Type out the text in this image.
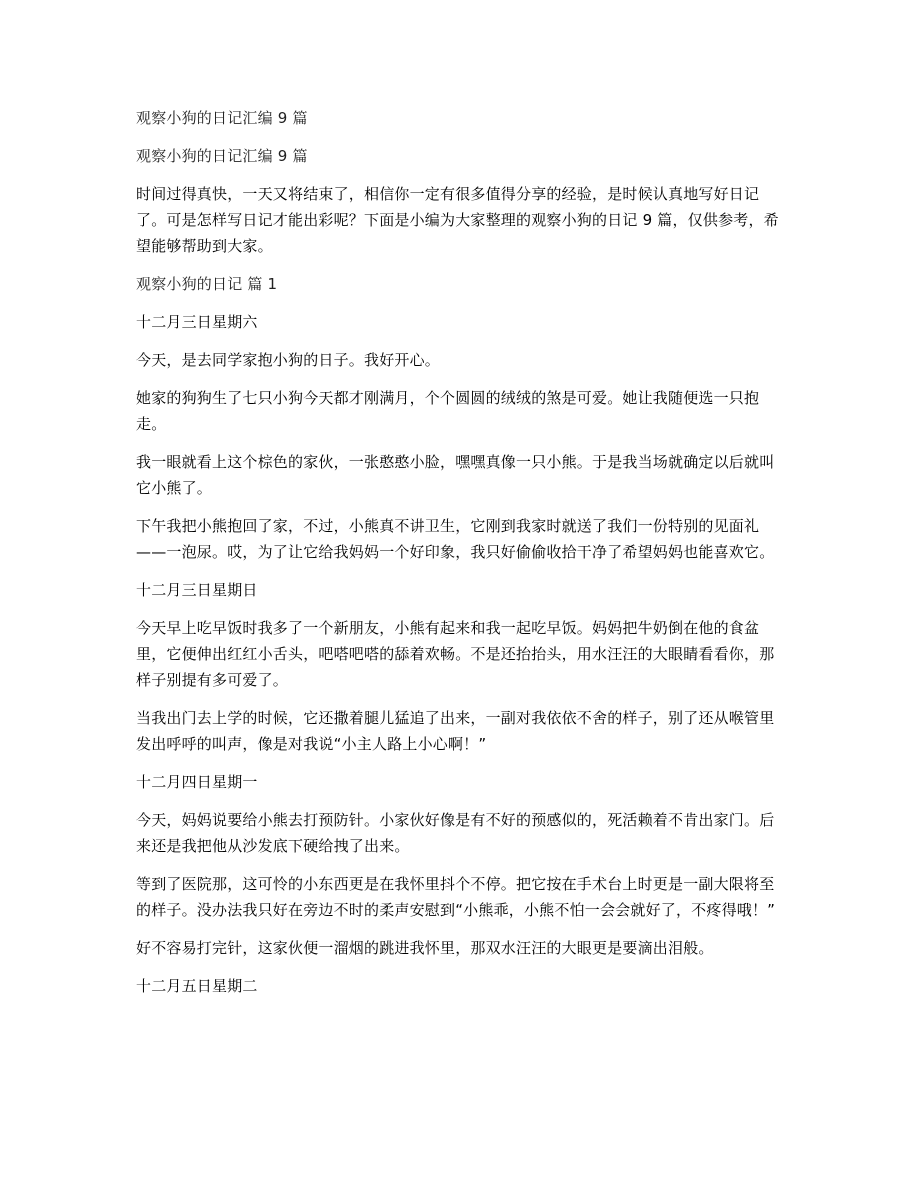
观察小狗的日记汇编 9 篇

观察小狗的日记汇编 9 篇

时间过得真快，一天又将结束了，相信你一定有很多值得分享的经验，是时候认真地写好日记了。可是怎样写日记才能出彩呢？下面是小编为大家整理的观察小狗的日记 9 篇，仅供参考，希望能够帮助到大家。

观察小狗的日记 篇 1

十二月三日星期六

今天，是去同学家抱小狗的日子。我好开心。

她家的狗狗生了七只小狗今天都才刚满月，个个圆圆的绒绒的煞是可爱。她让我随便选一只抱走。

我一眼就看上这个棕色的家伙，一张憨憨小脸，嘿嘿真像一只小熊。于是我当场就确定以后就叫它小熊了。

下午我把小熊抱回了家，不过，小熊真不讲卫生，它刚到我家时就送了我们一份特别的见面礼——一泡尿。哎，为了让它给我妈妈一个好印象，我只好偷偷收拾干净了希望妈妈也能喜欢它。

十二月三日星期日

今天早上吃早饭时我多了一个新朋友，小熊有起来和我一起吃早饭。妈妈把牛奶倒在他的食盆里，它便伸出红红小舌头，吧嗒吧嗒的舔着欢畅。不是还抬抬头，用水汪汪的大眼睛看看你，那样子别提有多可爱了。

当我出门去上学的时候，它还撒着腿儿猛追了出来，一副对我依依不舍的样子，别了还从喉管里发出呼呼的叫声，像是对我说“小主人路上小心啊！”

十二月四日星期一

今天，妈妈说要给小熊去打预防针。小家伙好像是有不好的预感似的，死活赖着不肯出家门。后来还是我把他从沙发底下硬给拽了出来。

等到了医院那，这可怜的小东西更是在我怀里抖个不停。把它按在手术台上时更是一副大限将至的样子。没办法我只好在旁边不时的柔声安慰到“小熊乖，小熊不怕一会会就好了，不疼得哦！”

好不容易打完针，这家伙便一溜烟的跳进我怀里，那双水汪汪的大眼更是要滴出泪般。

十二月五日星期二
